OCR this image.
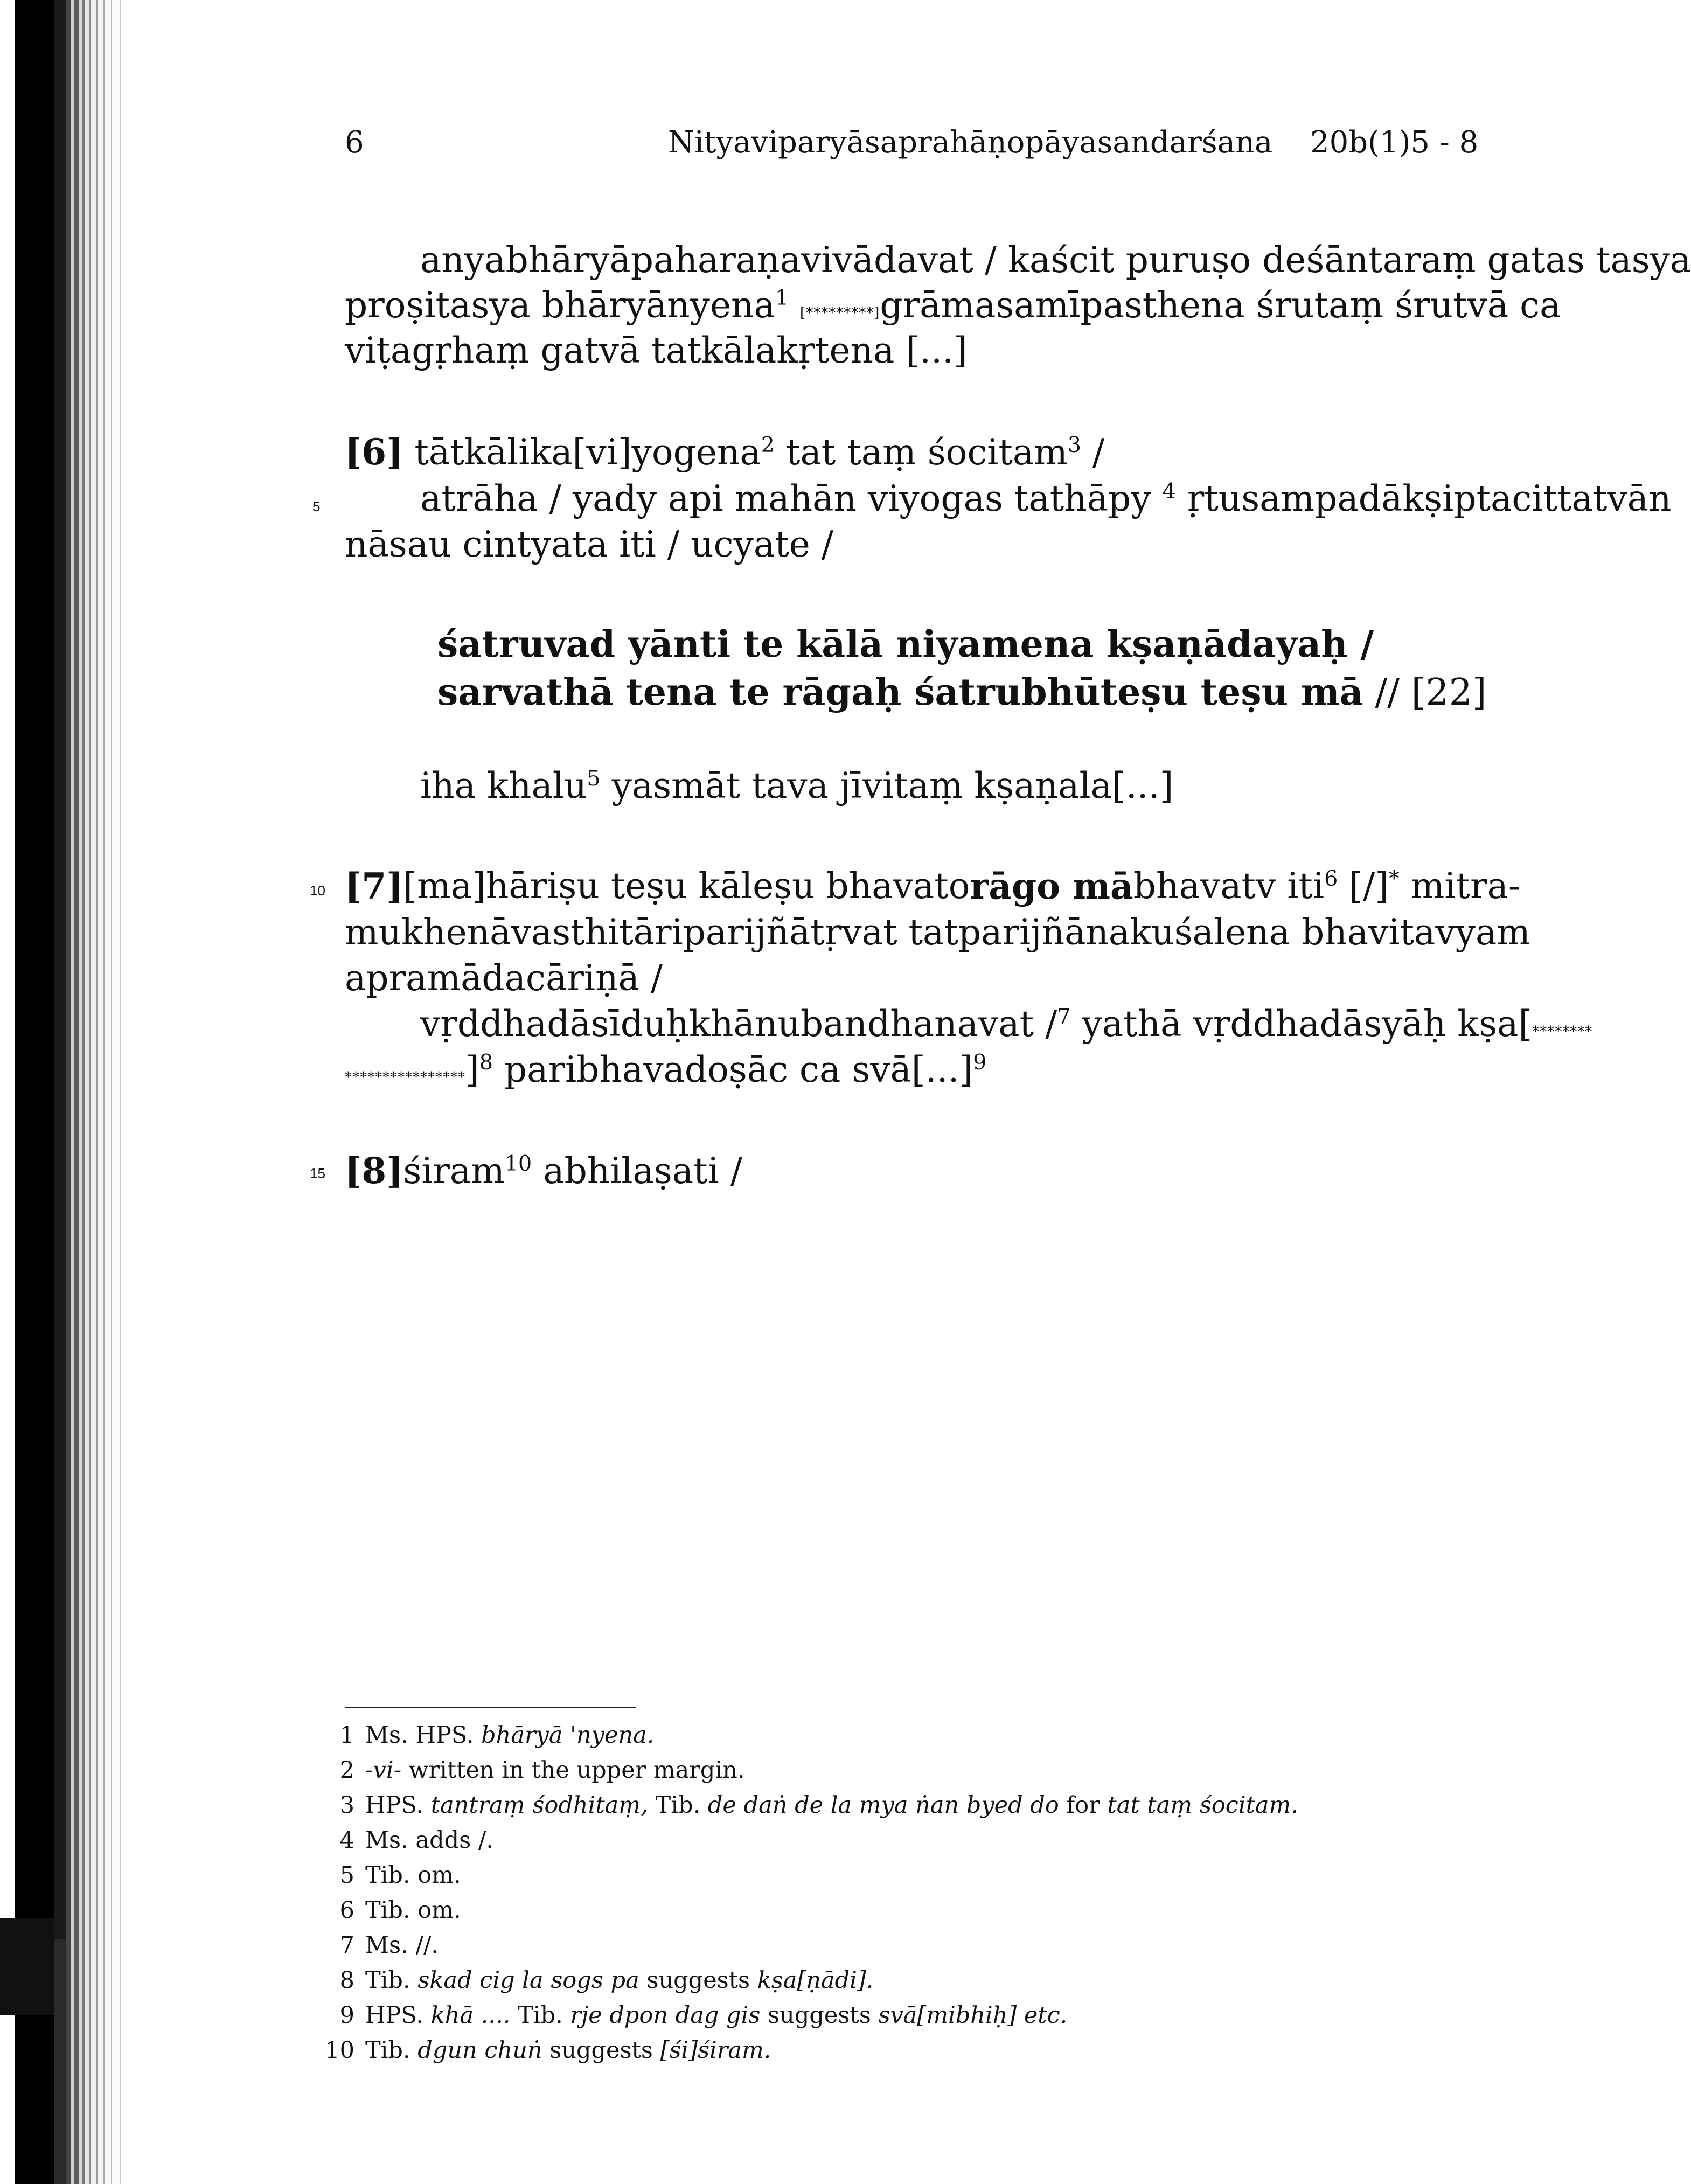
6	Nityaviparyāsaprahāṇopāyasandarśana 20b(1)5 - 8
5
10
15
anyabhāryāpaharaṇavivādavat / kaścit puruṣo deśāntaraṃ gatas tasya
proṣitasya bhāryānyena$^1$ [*********]grāmasamīpasthena śrutaṃ śrutvā ca
viṭagṛhaṃ gatvā tatkālakṛtena [...]
[6] tātkālika[vi]yogena$^2$ tat taṃ śocitam$^3$ /
atrāha / yady api mahān viyogas tathāpy $^4$ ṛtusampadākṣiptacittatvān
nāsau cintyata iti / ucyate /
śatruvad yānti te kālā niyamena kṣaṇādayaḥ /
sarvathā tena te rāgaḥ śatrubhūteṣu teṣu mā // [22]
iha khalu$^5$ yasmāt tava jīvitaṃ kṣaṇala[...]
[7] [ma]hāriṣu teṣu kāleṣu bhavato rāgo mā bhavatv iti$^6$ [/]* mitra-
mukhenāvasthitāriparijñātṛvat tatparijñānakuśalena bhavitavyam
apramādacāriṇā /
vṛddhadāsīduḥkhānubandhanavat /$^7$ yathā vṛddhadāsyāḥ kṣa[********
****************]$^8$ paribhavadoṣāc ca svā[...]$^9$
[8]śiram$^{10}$ abhilaṣati /
1 Ms. HPS. bhāryā 'nyena.
2 -vi- written in the upper margin.
3 HPS. tantraṃ śodhitaṃ, Tib. de daṅ de la mya ṅan byed do for tat taṃ śocitam.
4 Ms. adds /.
5 Tib. om.
6 Tib. om.
7 Ms. //.
8 Tib. skad cig la sogs pa suggests kṣa[ṇādi].
9 HPS. khā .... Tib. rje dpon dag gis suggests svā[mibhiḥ] etc.
10 Tib. dgun chuṅ suggests [śi]śiram.
